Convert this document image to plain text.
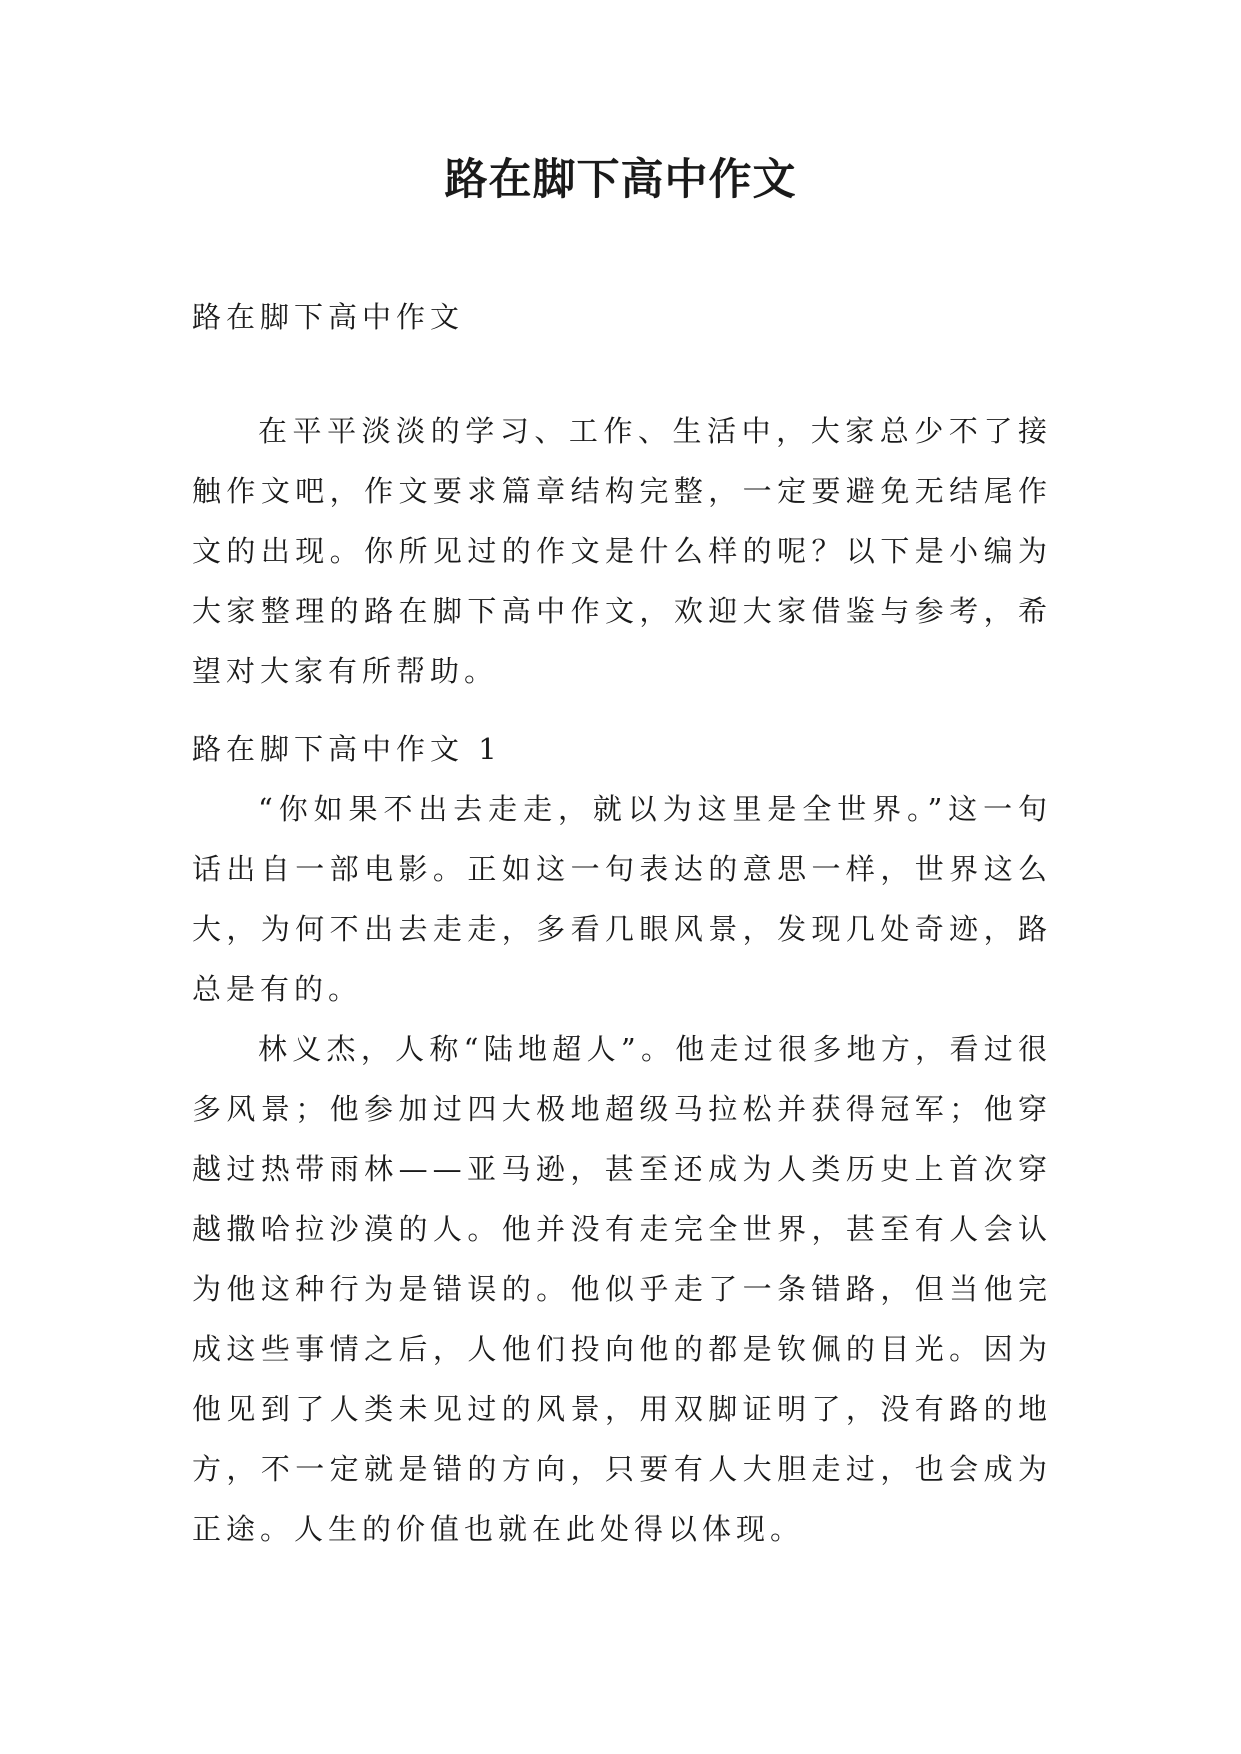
路在脚下高中作文

路在脚下高中作文

在平平淡淡的学习、工作、生活中，大家总少不了接触作文吧，作文要求篇章结构完整，一定要避免无结尾作文的出现。你所见过的作文是什么样的呢？以下是小编为大家整理的路在脚下高中作文，欢迎大家借鉴与参考，希望对大家有所帮助。

路在脚下高中作文 1

“你如果不出去走走，就以为这里是全世界。”这一句话出自一部电影。正如这一句表达的意思一样，世界这么大，为何不出去走走，多看几眼风景，发现几处奇迹，路总是有的。

林义杰，人称“陆地超人”。他走过很多地方，看过很多风景；他参加过四大极地超级马拉松并获得冠军；他穿越过热带雨林——亚马逊，甚至还成为人类历史上首次穿越撒哈拉沙漠的人。他并没有走完全世界，甚至有人会认为他这种行为是错误的。他似乎走了一条错路，但当他完成这些事情之后，人他们投向他的都是钦佩的目光。因为他见到了人类未见过的风景，用双脚证明了，没有路的地方，不一定就是错的方向，只要有人大胆走过，也会成为正途。人生的价值也就在此处得以体现。
